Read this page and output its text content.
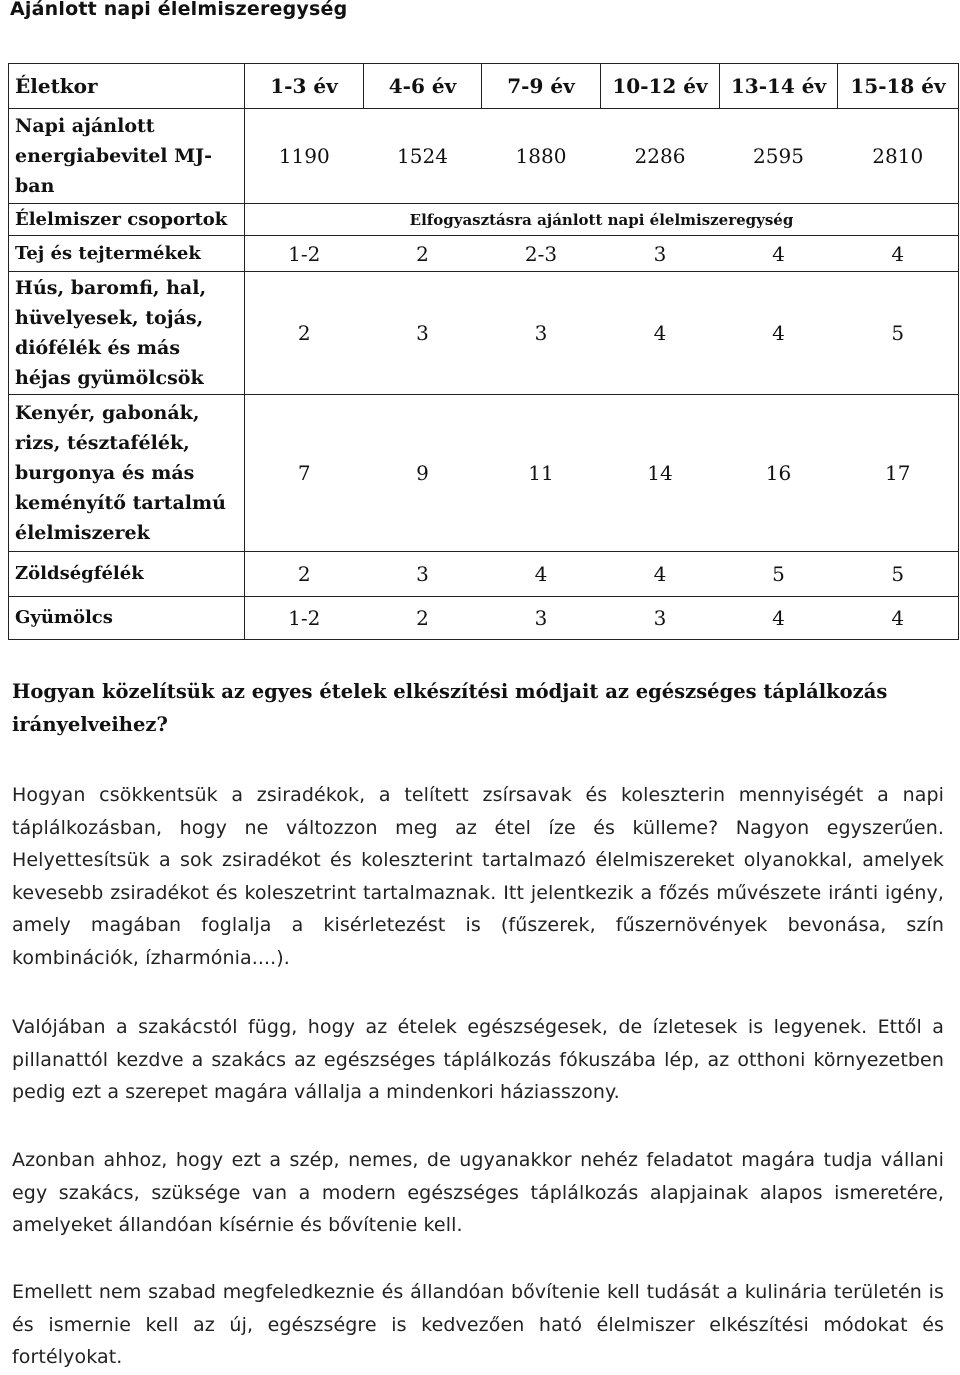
Ajánlott napi élelmiszeregység
Életkor	1-3 év	4-6 év	7-9 év	10-12 év	13-14 év	15-18 év
Napi ajánlott energiabevitel MJ-ban	1190	1524	1880	2286	2595	2810
Élelmiszer csoportok	Elfogyasztásra ajánlott napi élelmiszeregység					
Tej és tejtermékek	1-2	2	2-3	3	4	4
Hús, baromfi, hal, hüvelyesek, tojás, diófélék és más héjas gyümölcsök	2	3	3	4	4	5
Kenyér, gabonák, rizs, tésztafélék, burgonya és más keményítő tartalmú élelmiszerek	7	9	11	14	16	17
Zöldségfélék	2	3	4	4	5	5
Gyümölcs	1-2	2	3	3	4	4
Hogyan közelítsük az egyes ételek elkészítési módjait az egészséges táplálkozás irányelveihez?
Hogyan csökkentsük a zsiradékok, a telített zsírsavak és koleszterin mennyiségét a napi táplálkozásban, hogy ne változzon meg az étel íze és külleme? Nagyon egyszerűen. Helyettesítsük a sok zsiradékot és koleszterint tartalmazó élelmiszereket olyanokkal, amelyek kevesebb zsiradékot és koleszetrint tartalmaznak. Itt jelentkezik a főzés művészete iránti igény, amely magában foglalja a kisérletezést is (fűszerek, fűszernövények bevonása, szín kombinációk, ízharmónia....).
Valójában a szakácstól függ, hogy az ételek egészségesek, de ízletesek is legyenek. Ettől a pillanattól kezdve a szakács az egészséges táplálkozás fókuszába lép, az otthoni környezetben pedig ezt a szerepet magára vállalja a mindenkori háziasszony.
Azonban ahhoz, hogy ezt a szép, nemes, de ugyanakkor nehéz feladatot magára tudja vállani egy szakács, szüksége van a modern egészséges táplálkozás alapjainak alapos ismeretére, amelyeket állandóan kísérnie és bővítenie kell.
Emellett nem szabad megfeledkeznie és állandóan bővítenie kell tudását a kulinária területén is és ismernie kell az új, egészségre is kedvezően ható élelmiszer elkészítési módokat és fortélyokat.
